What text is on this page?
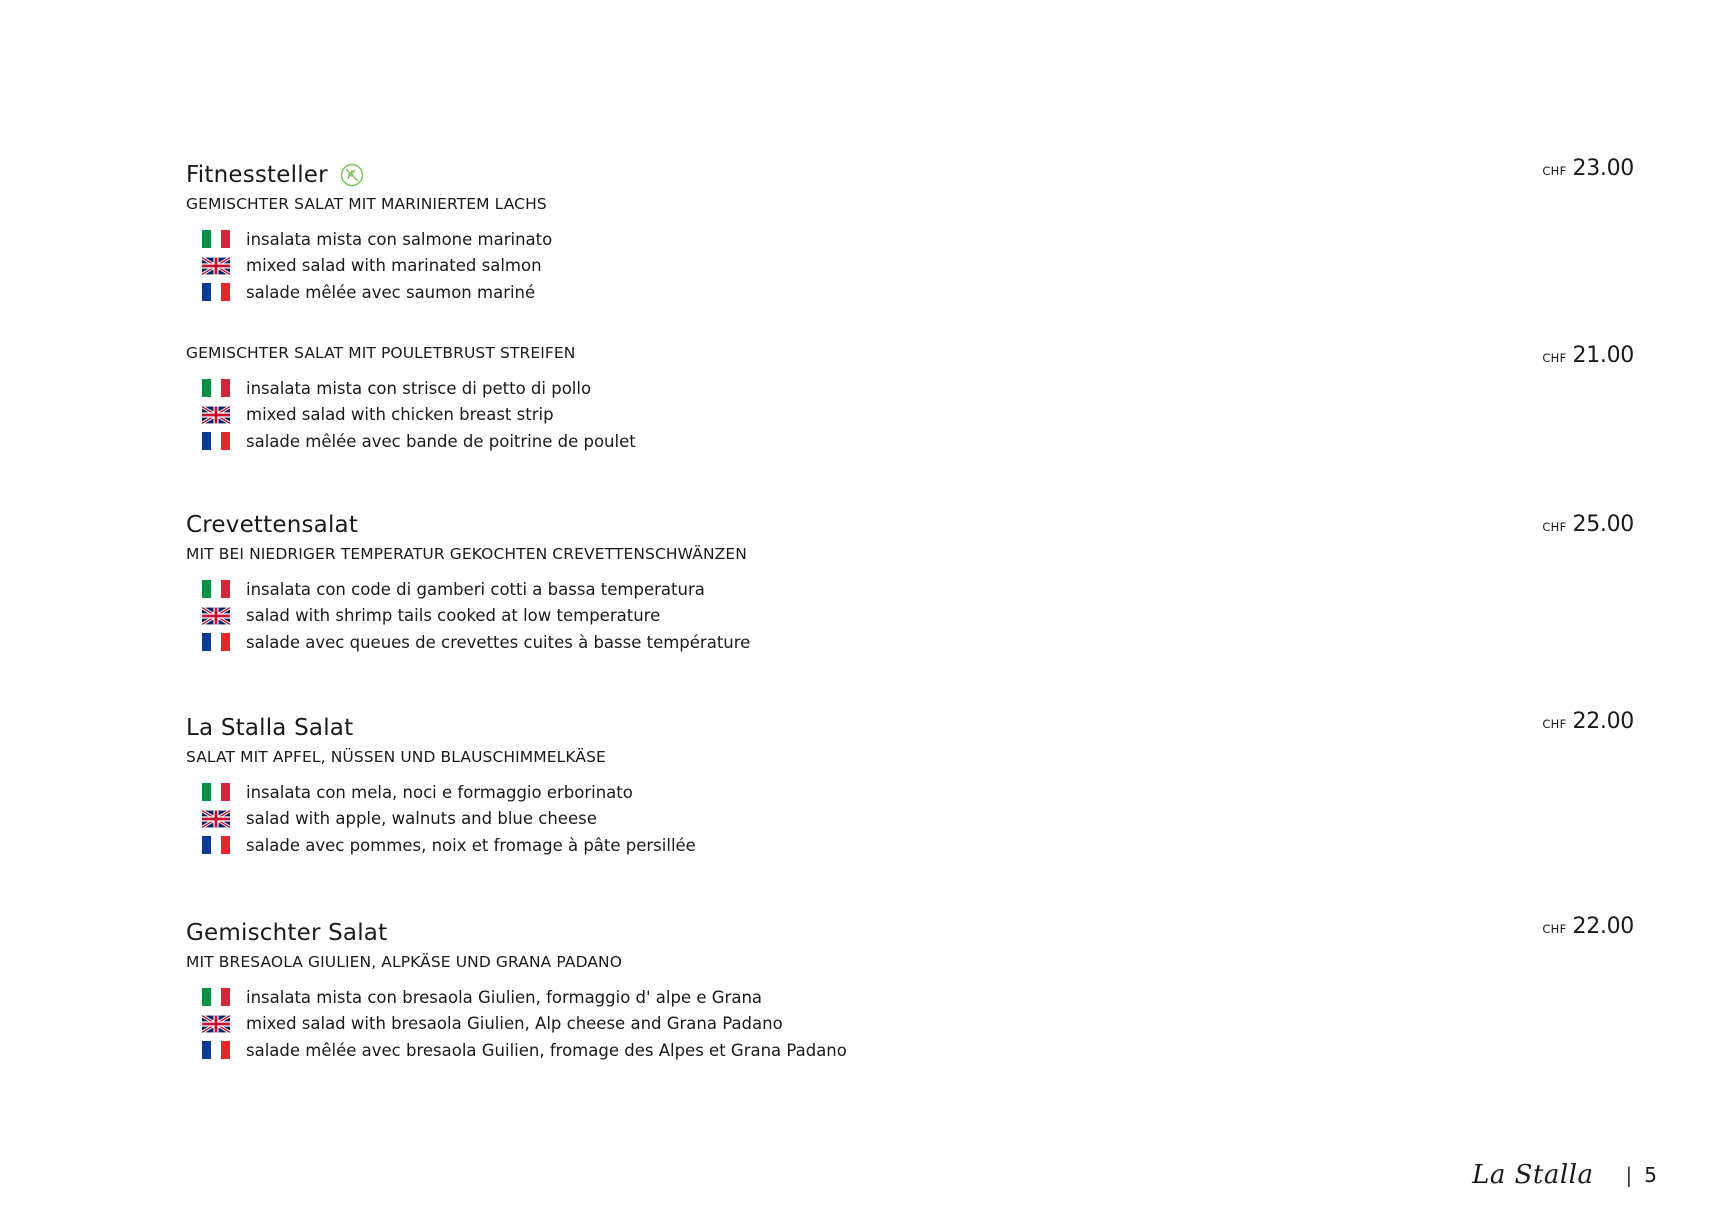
Fitnessteller
GEMISCHTER SALAT MIT MARINIERTEM LACHS
insalata mista con salmone marinato
mixed salad with marinated salmon
salade mêlée avec saumon mariné
CHF 23.00
GEMISCHTER SALAT MIT POULETBRUST STREIFEN
insalata mista con strisce di petto di pollo
mixed salad with chicken breast strip
salade mêlée avec bande de poitrine de poulet
CHF 21.00
Crevettensalat
MIT BEI NIEDRIGER TEMPERATUR GEKOCHTEN CREVETTENSCHWÄNZEN
insalata con code di gamberi cotti a bassa temperatura
salad with shrimp tails cooked at low temperature
salade avec queues de crevettes cuites à basse température
CHF 25.00
La Stalla Salat
SALAT MIT APFEL, NÜSSEN UND BLAUSCHIMMELKÄSE
insalata con mela, noci e formaggio erborinato
salad with apple, walnuts and blue cheese
salade avec pommes, noix et fromage à pâte persillée
CHF 22.00
Gemischter Salat
MIT BRESAOLA GIULIEN, ALPKÄSE UND GRANA PADANO
insalata mista con bresaola Giulien, formaggio d' alpe e Grana
mixed salad with bresaola Giulien, Alp cheese and Grana Padano
salade mêlée avec bresaola Guilien, fromage des Alpes et Grana Padano
CHF 22.00
La Stalla | 5
